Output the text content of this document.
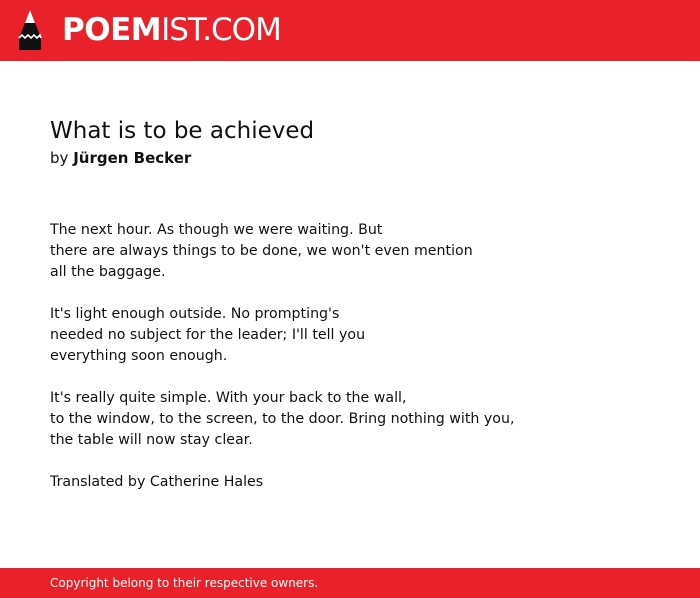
POEMIST.COM
What is to be achieved
by Jürgen Becker
The next hour. As though we were waiting. But
there are always things to be done, we won't even mention
all the baggage.
It's light enough outside. No prompting's
needed no subject for the leader; I'll tell you
everything soon enough.
It's really quite simple. With your back to the wall,
to the window, to the screen, to the door. Bring nothing with you,
the table will now stay clear.
Translated by Catherine Hales
Copyright belong to their respective owners.
